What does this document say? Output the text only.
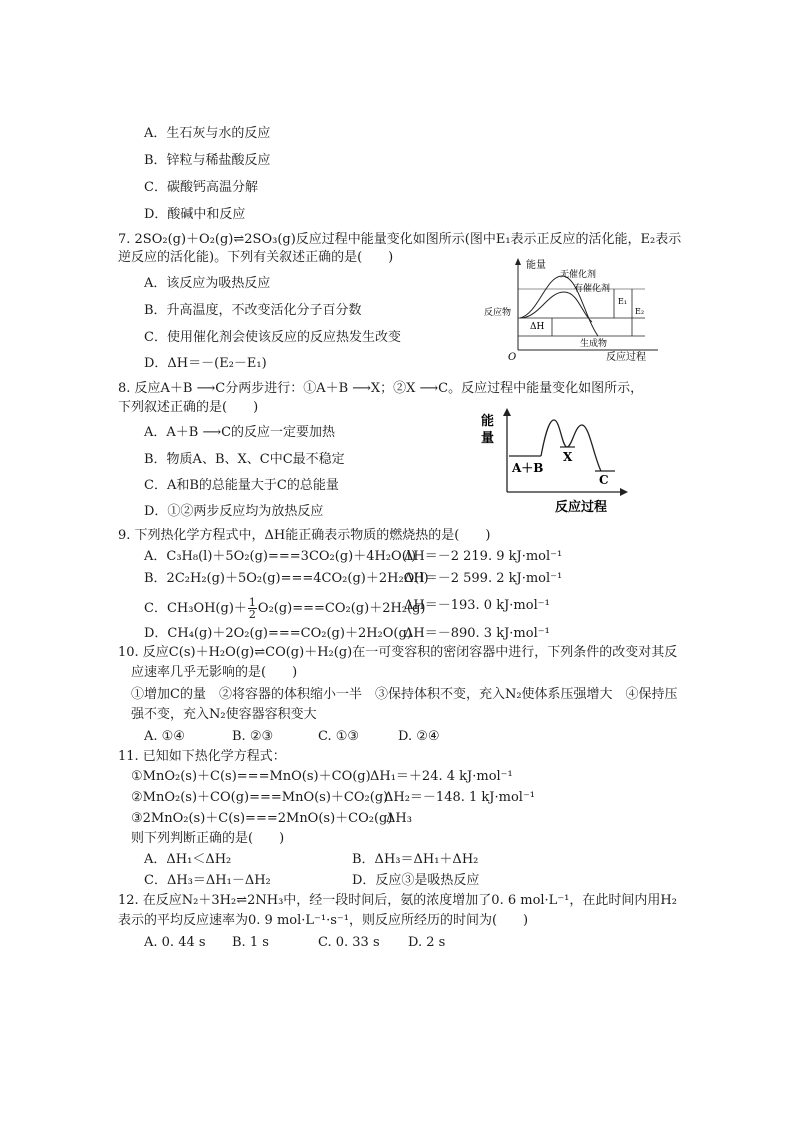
A．生石灰与水的反应
B．锌粒与稀盐酸反应
C．碳酸钙高温分解
D．酸碱中和反应
7. 2SO₂(g)＋O₂(g)⇌2SO₃(g)反应过程中能量变化如图所示(图中E₁表示正反应的活化能，E₂表示
逆反应的活化能)。下列有关叙述正确的是(　　)
A．该反应为吸热反应
B．升高温度，不改变活化分子百分数
C．使用催化剂会使该反应的反应热发生改变
D．ΔH＝－(E₂－E₁)
能量
O	反应过程
无催化剂
有催化剂
反应物
生成物
ΔH
E₁
E₂
8. 反应A＋B ⟶C分两步进行：①A＋B ⟶X；②X ⟶C。反应过程中能量变化如图所示，
下列叙述正确的是(　　)
A．A＋B ⟶C的反应一定要加热
B．物质A、B、X、C中C最不稳定
C．A和B的总能量大于C的总能量
D．①②两步反应均为放热反应
能
量
反应过程
A＋B
X
C
9. 下列热化学方程式中，ΔH能正确表示物质的燃烧热的是(　　)
A．C₃H₈(l)＋5O₂(g)===3CO₂(g)＋4H₂O(l)
ΔH＝－2 219. 9 kJ·mol⁻¹
B．2C₂H₂(g)＋5O₂(g)===4CO₂(g)＋2H₂O(l)
ΔH＝－2 599. 2 kJ·mol⁻¹
C．$CH_3OH(g)+ \frac{1}{2} O_2(g)===CO_2(g)+2H_2(g)$
ΔH＝－193. 0 kJ·mol⁻¹
D．CH₄(g)＋2O₂(g)===CO₂(g)＋2H₂O(g)
ΔH＝－890. 3 kJ·mol⁻¹
10. 反应C(s)＋H₂O(g)⇌CO(g)＋H₂(g)在一可变容积的密闭容器中进行，下列条件的改变对其反
应速率几乎无影响的是(　　)
①增加C的量　②将容器的体积缩小一半　③保持体积不变，充入N₂使体系压强增大　④保持压
强不变，充入N₂使容器容积变大
A. ①④	B. ②③	C. ①③	D. ②④
11. 已知如下热化学方程式：
①MnO₂(s)＋C(s)===MnO(s)＋CO(g) ΔH₁＝＋24. 4 kJ·mol⁻¹
②MnO₂(s)＋CO(g)===MnO(s)＋CO₂(g)
ΔH₂＝－148. 1 kJ·mol⁻¹
③2MnO₂(s)＋C(s)===2MnO(s)＋CO₂(g)
ΔH₃
则下列判断正确的是(　　)
A．ΔH₁＜ΔH₂	B．ΔH₃＝ΔH₁＋ΔH₂
C．ΔH₃＝ΔH₁－ΔH₂	D．反应③是吸热反应
12. 在反应N₂＋3H₂⇌2NH₃中，经一段时间后，氨的浓度增加了0. 6 mol·L⁻¹，在此时间内用H₂
表示的平均反应速率为0. 9 mol·L⁻¹·s⁻¹，则反应所经历的时间为(　　)
A. 0. 44 s B. 1 s	C. 0. 33 s D. 2 s
